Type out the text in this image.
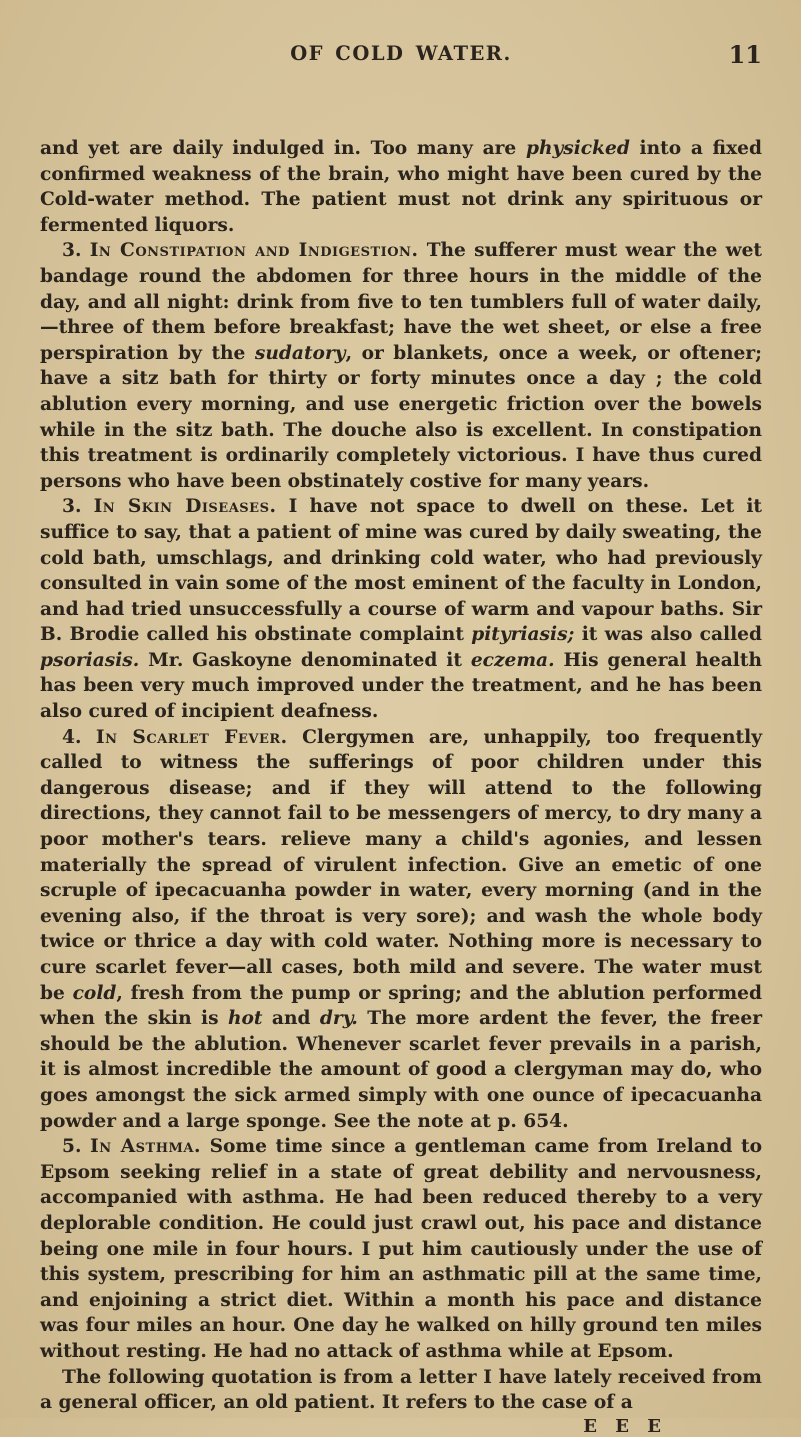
OF COLD WATER.	11

and yet are daily indulged in. Too many are physicked into a fixed confirmed weakness of the brain, who might have been cured by the Cold-water method. The patient must not drink any spirituous or fermented liquors.

3. In Constipation and Indigestion. The sufferer must wear the wet bandage round the abdomen for three hours in the middle of the day, and all night: drink from five to ten tumblers full of water daily,—three of them before breakfast; have the wet sheet, or else a free perspiration by the sudatory, or blankets, once a week, or oftener; have a sitz bath for thirty or forty minutes once a day ; the cold ablution every morning, and use energetic friction over the bowels while in the sitz bath. The douche also is excellent. In constipation this treatment is ordinarily completely victorious. I have thus cured persons who have been obstinately costive for many years.

3. In Skin Diseases. I have not space to dwell on these. Let it suffice to say, that a patient of mine was cured by daily sweating, the cold bath, umschlags, and drinking cold water, who had previously consulted in vain some of the most eminent of the faculty in London, and had tried unsuccessfully a course of warm and vapour baths. Sir B. Brodie called his obstinate complaint pityriasis; it was also called psoriasis. Mr. Gaskoyne denominated it eczema. His general health has been very much improved under the treatment, and he has been also cured of incipient deafness.

4. In Scarlet Fever. Clergymen are, unhappily, too frequently called to witness the sufferings of poor children under this dangerous disease; and if they will attend to the following directions, they cannot fail to be messengers of mercy, to dry many a poor mother's tears. relieve many a child's agonies, and lessen materially the spread of virulent infection. Give an emetic of one scruple of ipecacuanha powder in water, every morning (and in the evening also, if the throat is very sore); and wash the whole body twice or thrice a day with cold water. Nothing more is necessary to cure scarlet fever—all cases, both mild and severe. The water must be cold, fresh from the pump or spring; and the ablution performed when the skin is hot and dry. The more ardent the fever, the freer should be the ablution. Whenever scarlet fever prevails in a parish, it is almost incredible the amount of good a clergyman may do, who goes amongst the sick armed simply with one ounce of ipecacuanha powder and a large sponge. See the note at p. 654.

5. In Asthma. Some time since a gentleman came from Ireland to Epsom seeking relief in a state of great debility and nervousness, accompanied with asthma. He had been reduced thereby to a very deplorable condition. He could just crawl out, his pace and distance being one mile in four hours. I put him cautiously under the use of this system, prescribing for him an asthmatic pill at the same time, and enjoining a strict diet. Within a month his pace and distance was four miles an hour. One day he walked on hilly ground ten miles without resting. He had no attack of asthma while at Epsom.

The following quotation is from a letter I have lately received from a general officer, an old patient. It refers to the case of a

E E E
